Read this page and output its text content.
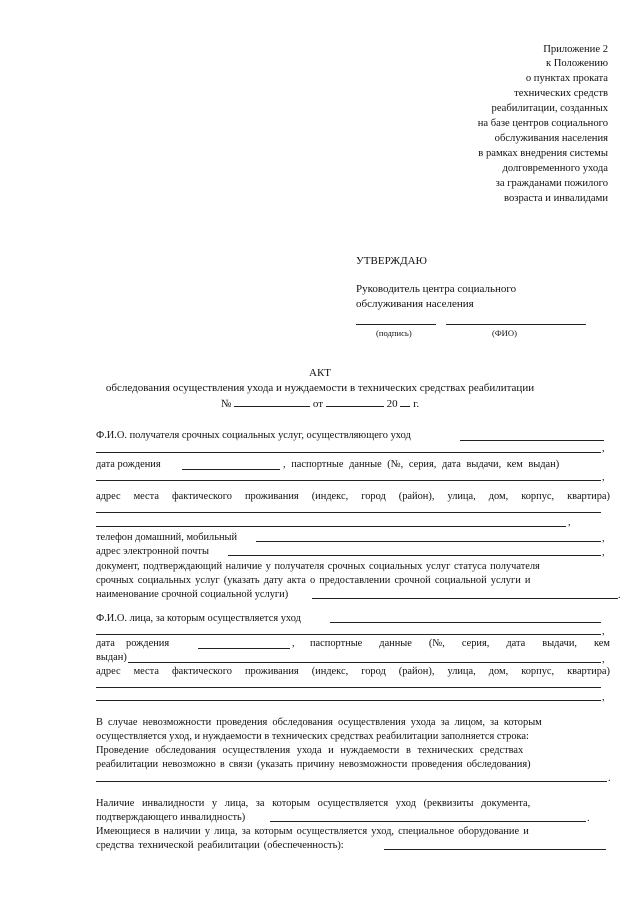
Приложение 2
к Положению
о пунктах проката
технических средств
реабилитации, созданных
на базе центров социального
обслуживания населения
в рамках внедрения системы
долговременного ухода
за гражданами пожилого
возраста и инвалидами
УТВЕРЖДАЮ
Руководитель центра социального
обслуживания населения
(подпись)	(ФИО)
АКТ
обследования осуществления ухода и нуждаемости в технических средствах реабилитации
№	от	20 г.
Ф.И.О. получателя срочных социальных услуг, осуществляющего уход
,
дата рождения	, паспортные данные (№, серия, дата выдачи, кем выдан)
,
адрес места фактического проживания (индекс, город (район), улица, дом, корпус, квартира)
,
телефон домашний, мобильный	,
адрес электронной почты	,
документ, подтверждающий наличие у получателя срочных социальных услуг статуса получателя
срочных социальных услуг (указать дату акта о предоставлении срочной социальной услуги и
наименование срочной социальной услуги)	.
Ф.И.О. лица, за которым осуществляется уход
,
дата рождения	, паспортные данные (№, серия, дата выдачи, кем
выдан)	,
адрес места фактического проживания (индекс, город (район), улица, дом, корпус, квартира)
,
В случае невозможности проведения обследования осуществления ухода за лицом, за которым
осуществляется уход, и нуждаемости в технических средствах реабилитации заполняется строка:
Проведение обследования осуществления ухода и нуждаемости в технических средствах
реабилитации невозможно в связи (указать причину невозможности проведения обследования)
.
Наличие инвалидности у лица, за которым осуществляется уход (реквизиты документа,
подтверждающего инвалидность)	.
Имеющиеся в наличии у лица, за которым осуществляется уход, специальное оборудование и
средства технической реабилитации (обеспеченность):
